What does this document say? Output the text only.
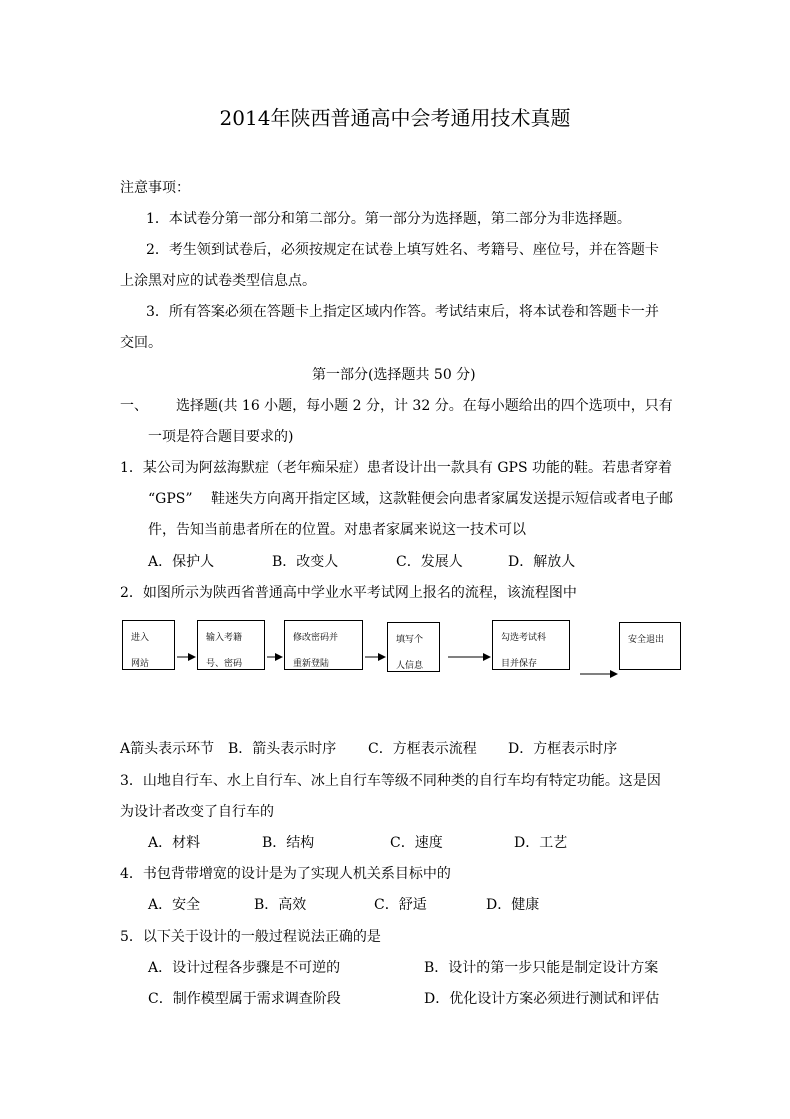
2014年陕西普通高中会考通用技术真题
注意事项：
1．本试卷分第一部分和第二部分。第一部分为选择题，第二部分为非选择题。
2．考生领到试卷后，必须按规定在试卷上填写姓名、考籍号、座位号，并在答题卡
上涂黑对应的试卷类型信息点。
3．所有答案必须在答题卡上指定区域内作答。考试结束后，将本试卷和答题卡一并
交回。
第一部分(选择题共 50 分)
一、 选择题(共 16 小题，每小题 2 分，计 32 分。在每小题给出的四个选项中，只有
一项是符合题目要求的)
1．某公司为阿兹海默症（老年痴呆症）患者设计出一款具有 GPS 功能的鞋。若患者穿着
“GPS”　 鞋迷失方向离开指定区域，这款鞋便会向患者家属发送提示短信或者电子邮
件，告知当前患者所在的位置。对患者家属来说这一技术可以
A．保护人	B．改变人	C．发展人	D．解放人
2．如图所示为陕西省普通高中学业水平考试网上报名的流程，该流程图中
进入
网站
输入考籍
号、密码
修改密码并
重新登陆
填写个
人信息
勾选考试科
目并保存
安全退出
A箭头表示环节 B．箭头表示时序 C．方框表示流程 D．方框表示时序
3．山地自行车、水上自行车、冰上自行车等级不同种类的自行车均有特定功能。这是因
为设计者改变了自行车的
A．材料	B．结构	C．速度	D．工艺
4．书包背带增宽的设计是为了实现人机关系目标中的
A．安全	B．高效	C．舒适	D．健康
5．以下关于设计的一般过程说法正确的是
A．设计过程各步骤是不可逆的	B．设计的第一步只能是制定设计方案
C．制作模型属于需求调查阶段	D．优化设计方案必须进行测试和评估
